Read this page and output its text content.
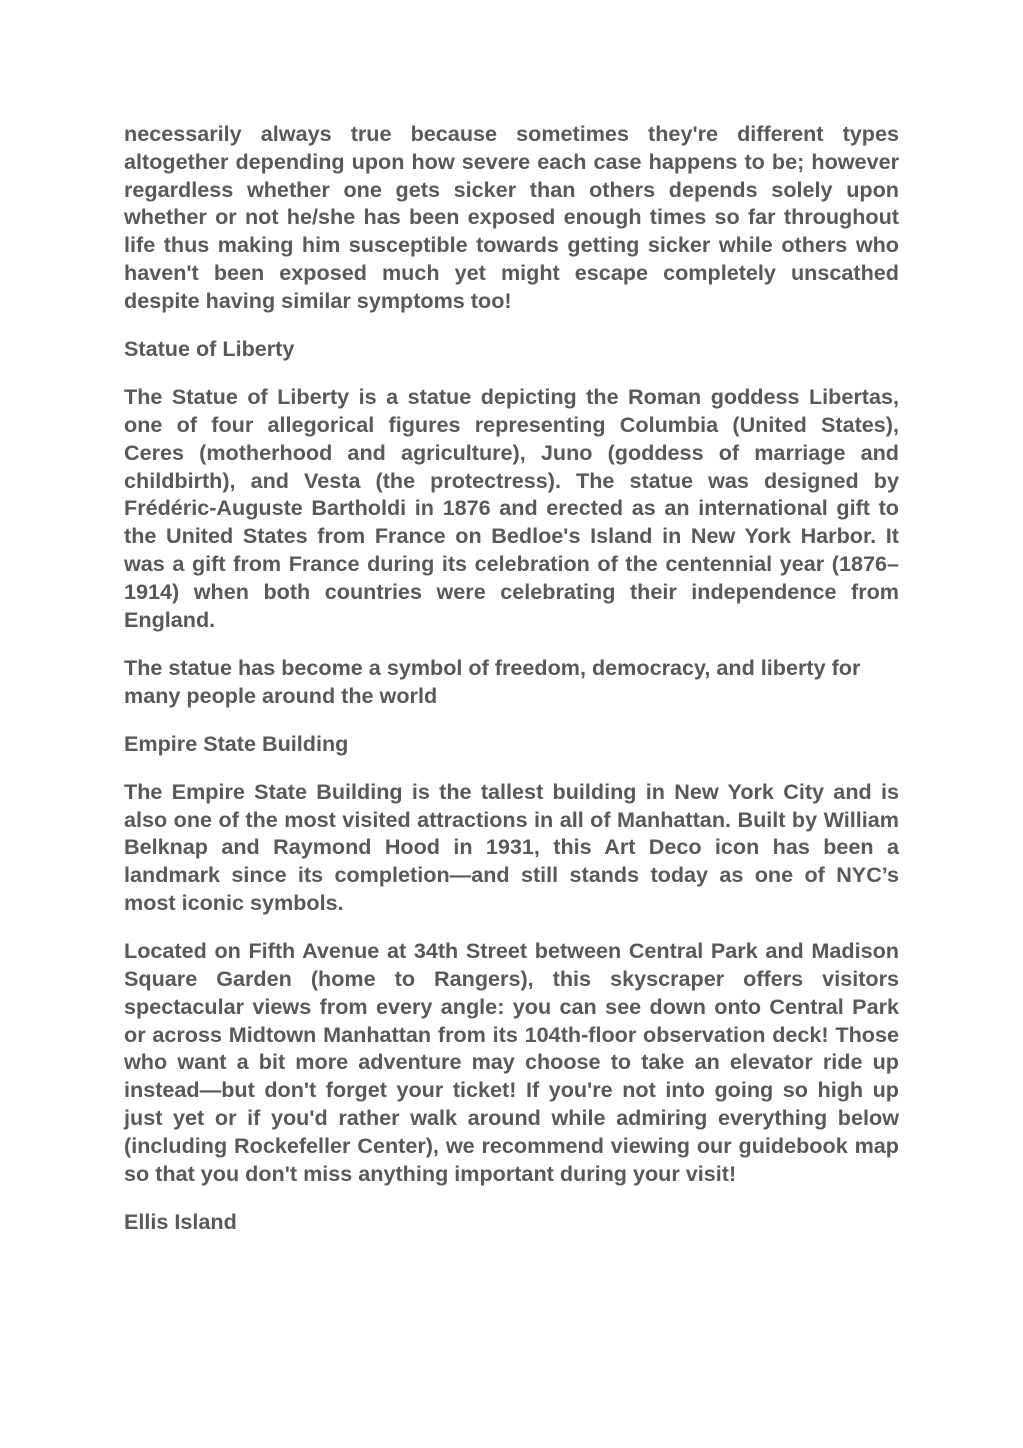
necessarily always true because sometimes they're different types altogether depending upon how severe each case happens to be; however regardless whether one gets sicker than others depends solely upon whether or not he/she has been exposed enough times so far throughout life thus making him susceptible towards getting sicker while others who haven't been exposed much yet might escape completely unscathed despite having similar symptoms too!

Statue of Liberty

The Statue of Liberty is a statue depicting the Roman goddess Libertas, one of four allegorical figures representing Columbia (United States), Ceres (motherhood and agriculture), Juno (goddess of marriage and childbirth), and Vesta (the protectress). The statue was designed by Frédéric-Auguste Bartholdi in 1876 and erected as an international gift to the United States from France on Bedloe's Island in New York Harbor. It was a gift from France during its celebration of the centennial year (1876–1914) when both countries were celebrating their independence from England.

The statue has become a symbol of freedom, democracy, and liberty for many people around the world

Empire State Building

The Empire State Building is the tallest building in New York City and is also one of the most visited attractions in all of Manhattan. Built by William Belknap and Raymond Hood in 1931, this Art Deco icon has been a landmark since its completion—and still stands today as one of NYC’s most iconic symbols.

Located on Fifth Avenue at 34th Street between Central Park and Madison Square Garden (home to Rangers), this skyscraper offers visitors spectacular views from every angle: you can see down onto Central Park or across Midtown Manhattan from its 104th-floor observation deck! Those who want a bit more adventure may choose to take an elevator ride up instead—but don't forget your ticket! If you're not into going so high up just yet or if you'd rather walk around while admiring everything below (including Rockefeller Center), we recommend viewing our guidebook map so that you don't miss anything important during your visit!

Ellis Island
